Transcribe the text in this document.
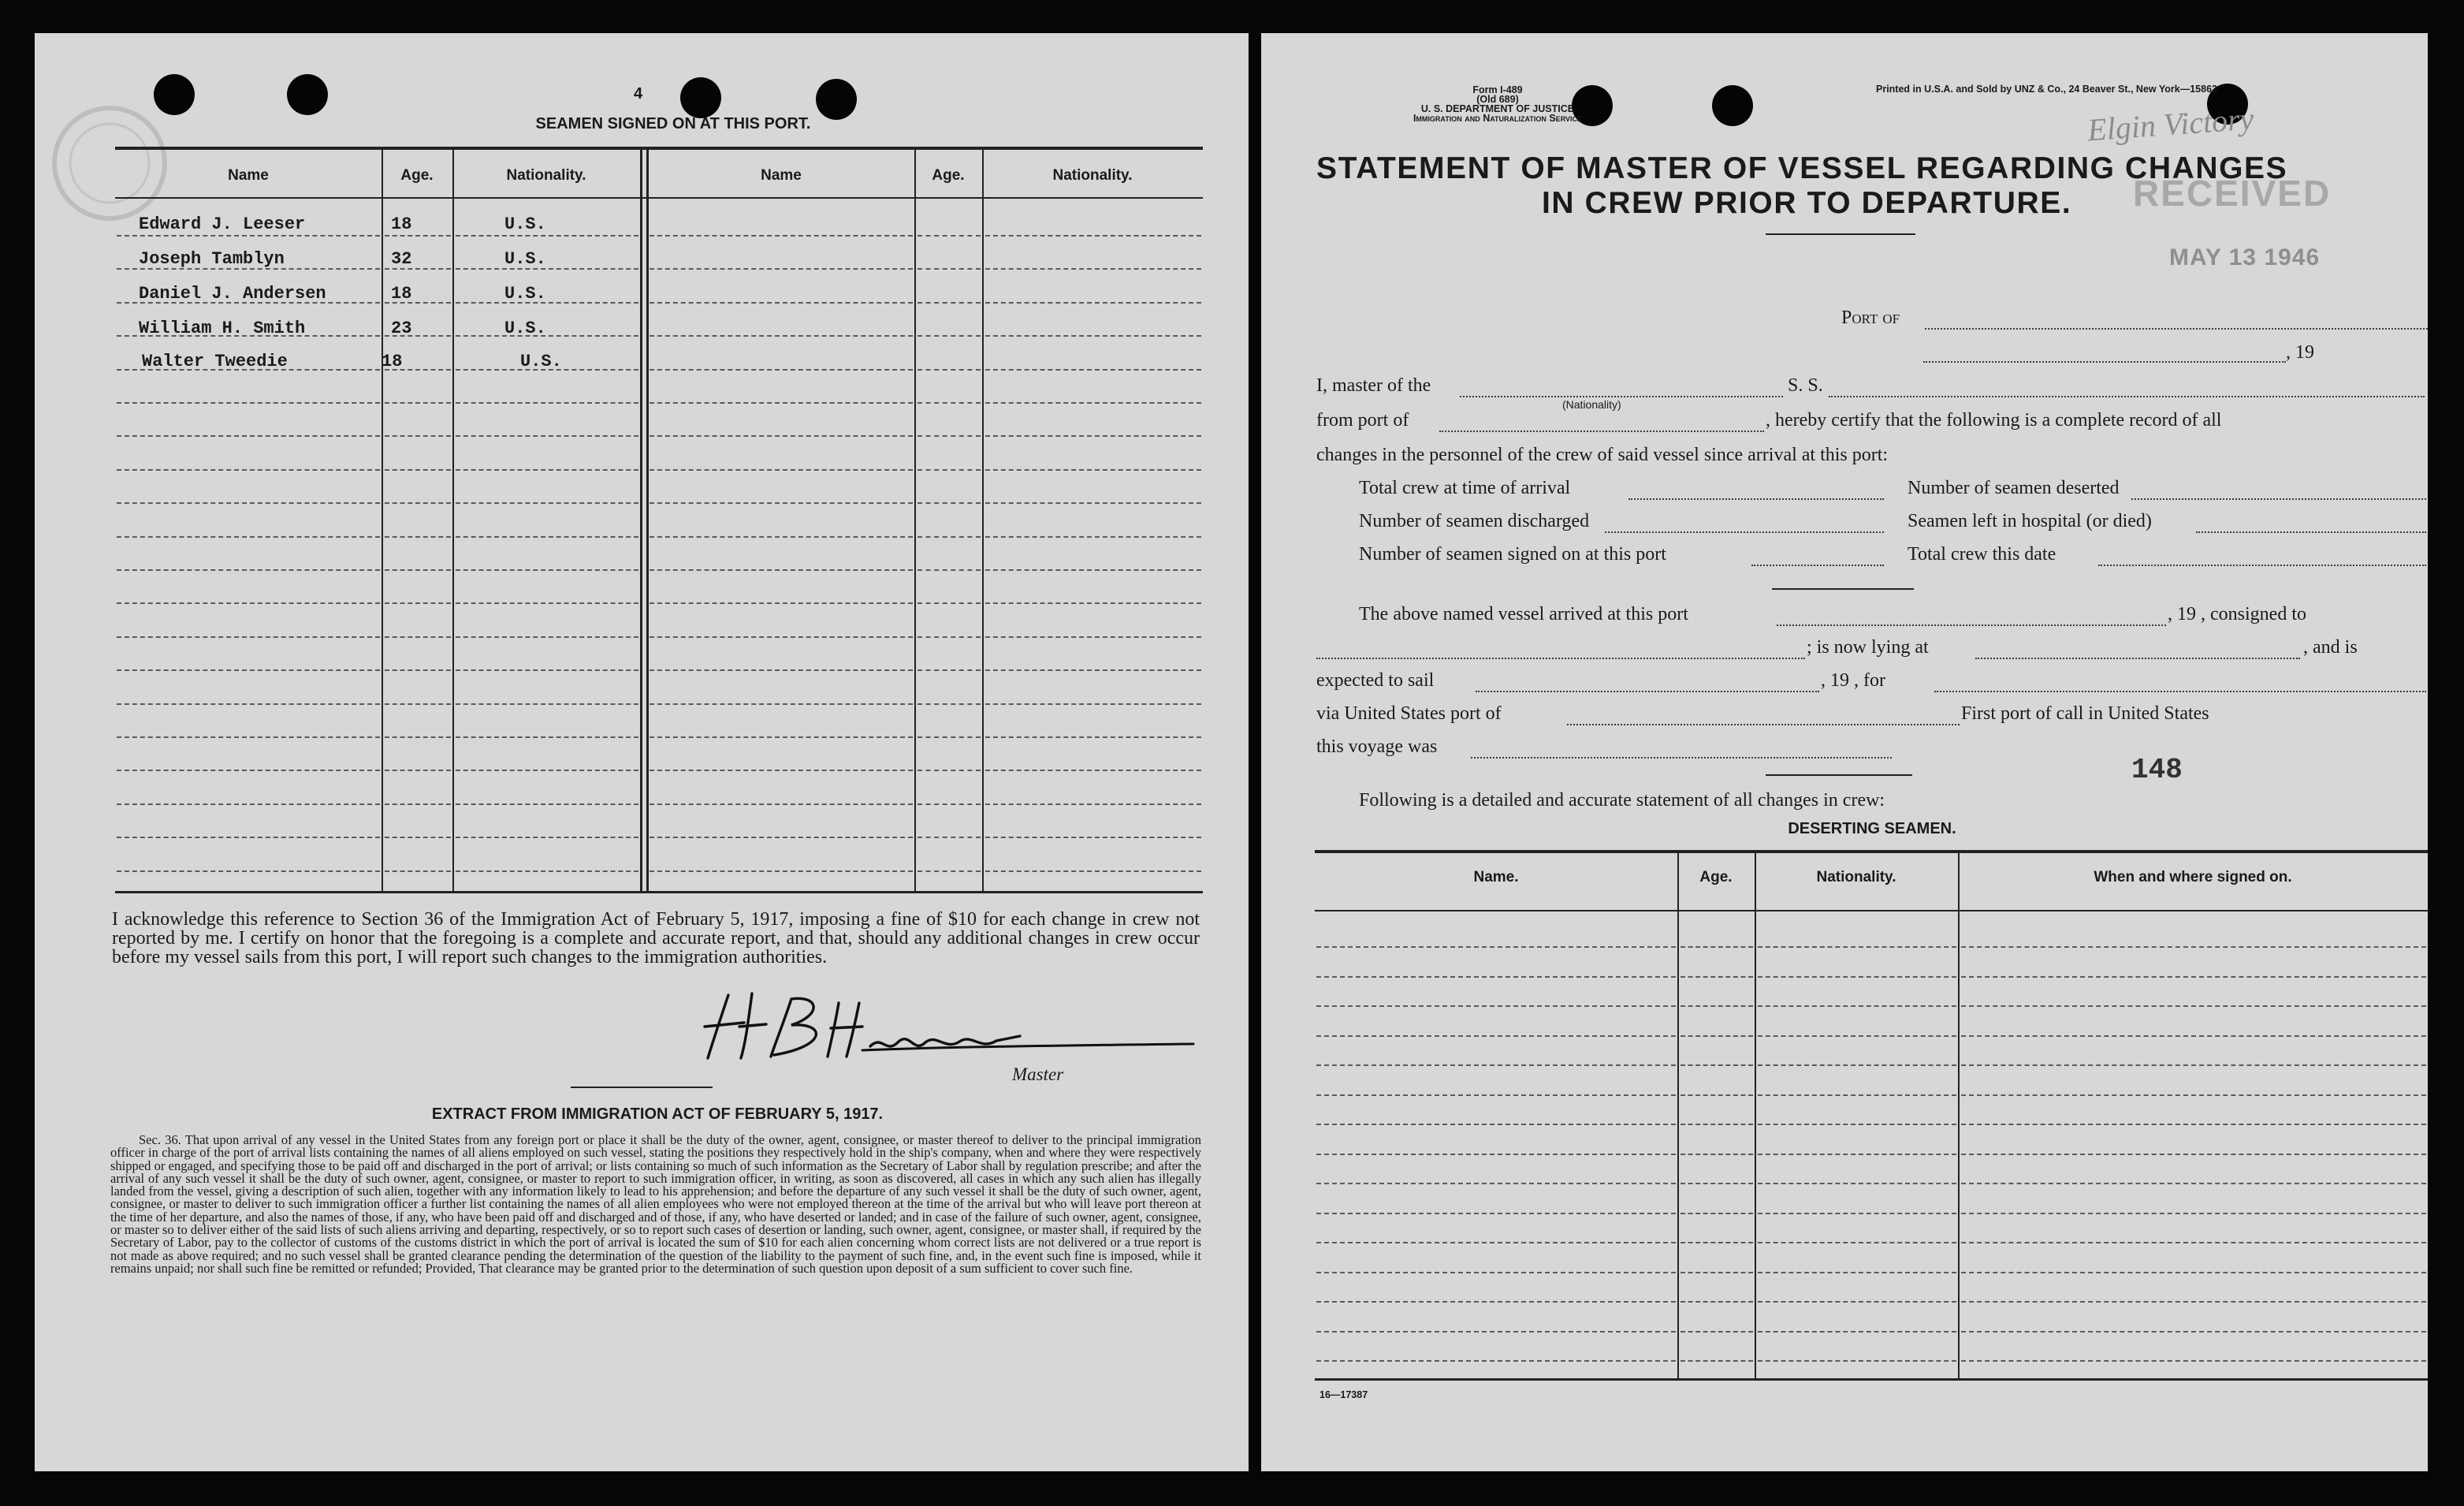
4
SEAMEN SIGNED ON AT THIS PORT.
Name	Age.	Nationality.	Name	Age.	Nationality.
Edward J. Leeser	18	U.S.
Joseph Tamblyn	32	U.S.
Daniel J. Andersen	18	U.S.
William H. Smith	23	U.S.
Walter Tweedie	18	U.S.
I acknowledge this reference to Section 36 of the Immigration Act of February 5, 1917, imposing a fine of $10 for each change in crew not reported by me. I certify on honor that the foregoing is a complete and accurate report, and that, should any additional changes in crew occur before my vessel sails from this port, I will report such changes to the immigration authorities.
Master
EXTRACT FROM IMMIGRATION ACT OF FEBRUARY 5, 1917.
Sec. 36. That upon arrival of any vessel in the United States from any foreign port or place it shall be the duty of the owner, agent, consignee, or master thereof to deliver to the principal immigration officer in charge of the port of arrival lists containing the names of all aliens employed on such vessel, stating the positions they respectively hold in the ship's company, when and where they were respectively shipped or engaged, and specifying those to be paid off and discharged in the port of arrival; or lists containing so much of such information as the Secretary of Labor shall by regulation prescribe; and after the arrival of any such vessel it shall be the duty of such owner, agent, consignee, or master to report to such immigration officer, in writing, as soon as discovered, all cases in which any such alien has illegally landed from the vessel, giving a description of such alien, together with any information likely to lead to his apprehension; and before the departure of any such vessel it shall be the duty of such owner, agent, consignee, or master to deliver to such immigration officer a further list containing the names of all alien employees who were not employed thereon at the time of the arrival but who will leave port thereon at the time of her departure, and also the names of those, if any, who have been paid off and discharged and of those, if any, who have deserted or landed; and in case of the failure of such owner, agent, consignee, or master so to deliver either of the said lists of such aliens arriving and departing, respectively, or so to report such cases of desertion or landing, such owner, agent, consignee, or master shall, if required by the Secretary of Labor, pay to the collector of customs of the customs district in which the port of arrival is located the sum of $10 for each alien concerning whom correct lists are not delivered or a true report is not made as above required; and no such vessel shall be granted clearance pending the determination of the question of the liability to the payment of such fine, and, in the event such fine is imposed, while it remains unpaid; nor shall such fine be remitted or refunded; Provided, That clearance may be granted prior to the determination of such question upon deposit of a sum sufficient to cover such fine.
Form I-489
(Old 689)
U. S. DEPARTMENT OF JUSTICE
Immigration and Naturalization Service
Printed in U.S.A. and Sold by UNZ & Co., 24 Beaver St., New York—15863
Elgin Victory
STATEMENT OF MASTER OF VESSEL REGARDING CHANGES
IN CREW PRIOR TO DEPARTURE. RECEIVED
MAY 13 1946
Port of
, 19
I, master of the
(Nationality)
S. S.
from port of	, hereby certify that the following is a complete record of all
changes in the personnel of the crew of said vessel since arrival at this port:
Total crew at time of arrival	Number of seamen deserted
Number of seamen discharged	Seamen left in hospital (or died)
Number of seamen signed on at this port	Total crew this date
The above named vessel arrived at this port	, 19 , consigned to
; is now lying at	, and is
expected to sail	, 19 , for
via United States port of	First port of call in United States
this voyage was
148
Following is a detailed and accurate statement of all changes in crew:
DESERTING SEAMEN.
Name.	Age.	Nationality.	When and where signed on.
16—17387
